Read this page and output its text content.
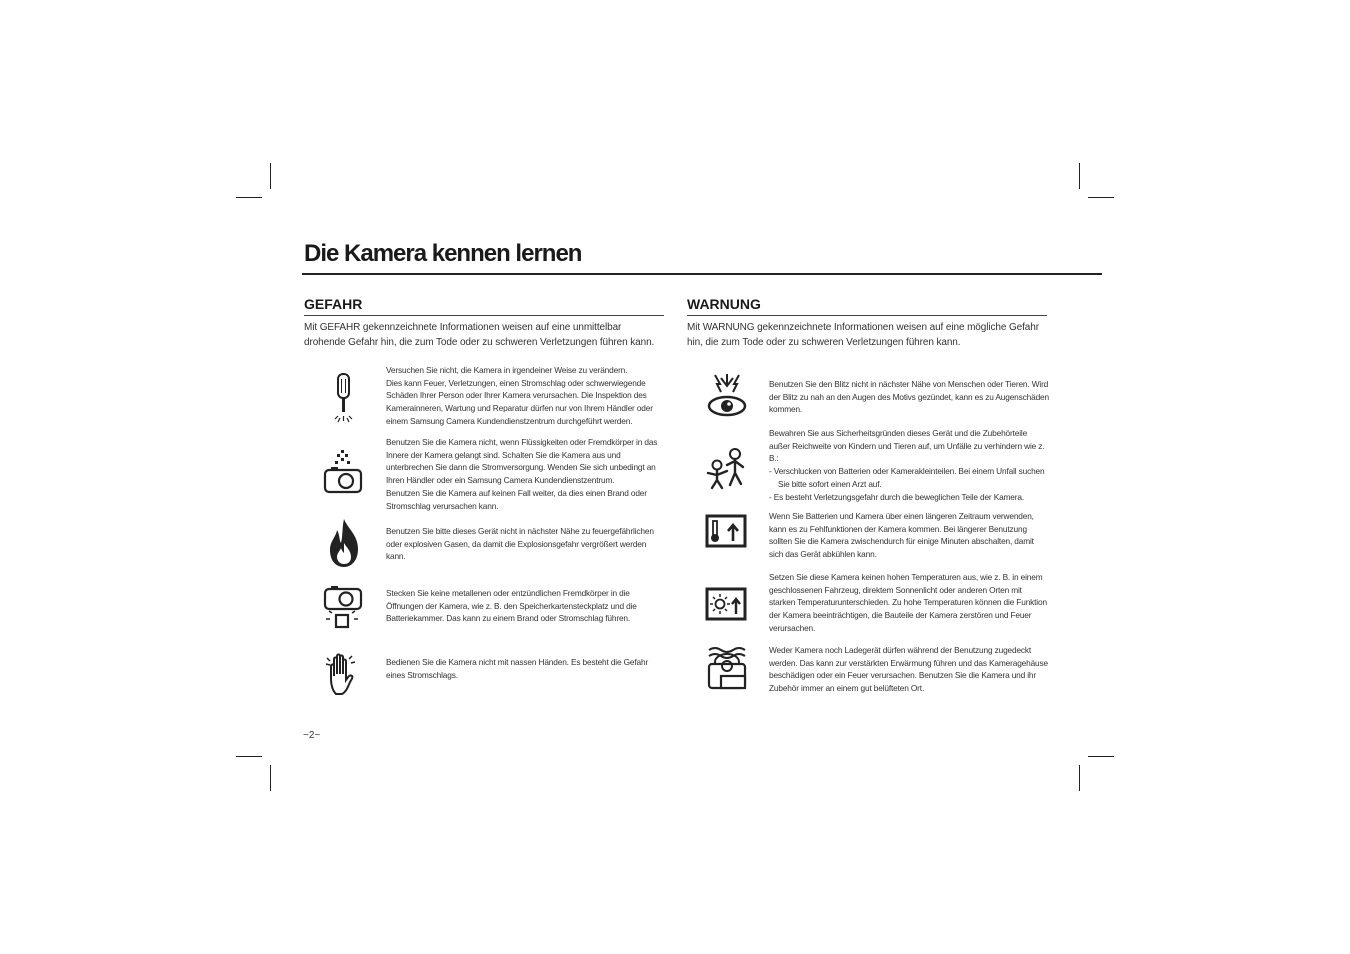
Die Kamera kennen lernen
GEFAHR

Mit GEFAHR gekennzeichnete Informationen weisen auf eine unmittelbar drohende Gefahr hin, die zum Tode oder zu schweren Verletzungen führen kann.

Versuchen Sie nicht, die Kamera in irgendeiner Weise zu verändern.

Dies kann Feuer, Verletzungen, einen Stromschlag oder schwerwiegende Schäden Ihrer Person oder Ihrer Kamera verursachen. Die Inspektion des Kamerainneren, Wartung und Reparatur dürfen nur von Ihrem Händler oder einem Samsung Camera Kundendienstzentrum durchgeführt werden.

Benutzen Sie die Kamera nicht, wenn Flüssigkeiten oder Fremdkörper in das Innere der Kamera gelangt sind. Schalten Sie die Kamera aus und unterbrechen Sie dann die Stromversorgung. Wenden Sie sich unbedingt an Ihren Händler oder ein Samsung Camera Kundendienstzentrum.

Benutzen Sie die Kamera auf keinen Fall weiter, da dies einen Brand oder Stromschlag verursachen kann.

Benutzen Sie bitte dieses Gerät nicht in nächster Nähe zu feuergefährlichen oder explosiven Gasen, da damit die Explosionsgefahr vergrößert werden kann.

Stecken Sie keine metallenen oder entzündlichen Fremdkörper in die Öffnungen der Kamera, wie z. B. den Speicherkartensteckplatz und die Batteriekammer. Das kann zu einem Brand oder Stromschlag führen.

Bedienen Sie die Kamera nicht mit nassen Händen. Es besteht die Gefahr eines Stromschlags.

WARNUNG

Mit WARNUNG gekennzeichnete Informationen weisen auf eine mögliche Gefahr hin, die zum Tode oder zu schweren Verletzungen führen kann.

Benutzen Sie den Blitz nicht in nächster Nähe von Menschen oder Tieren. Wird der Blitz zu nah an den Augen des Motivs gezündet, kann es zu Augenschäden kommen.

Bewahren Sie aus Sicherheitsgründen dieses Gerät und die Zubehörteile außer Reichweite von Kindern und Tieren auf, um Unfälle zu verhindern wie z. B.:

- Verschlucken von Batterien oder Kamerakleinteilen. Bei einem Unfall suchen Sie bitte sofort einen Arzt auf.

- Es besteht Verletzungsgefahr durch die beweglichen Teile der Kamera.

Wenn Sie Batterien und Kamera über einen längeren Zeitraum verwenden, kann es zu Fehlfunktionen der Kamera kommen. Bei längerer Benutzung sollten Sie die Kamera zwischendurch für einige Minuten abschalten, damit sich das Gerät abkühlen kann.

Setzen Sie diese Kamera keinen hohen Temperaturen aus, wie z. B. in einem geschlossenen Fahrzeug, direktem Sonnenlicht oder anderen Orten mit starken Temperaturunterschieden. Zu hohe Temperaturen können die Funktion der Kamera beeinträchtigen, die Bauteile der Kamera zerstören und Feuer verursachen.

Weder Kamera noch Ladegerät dürfen während der Benutzung zugedeckt werden. Das kann zur verstärkten Erwärmung führen und das Kameragehäuse beschädigen oder ein Feuer verursachen. Benutzen Sie die Kamera und ihr Zubehör immer an einem gut belüfteten Ort.

~2~
